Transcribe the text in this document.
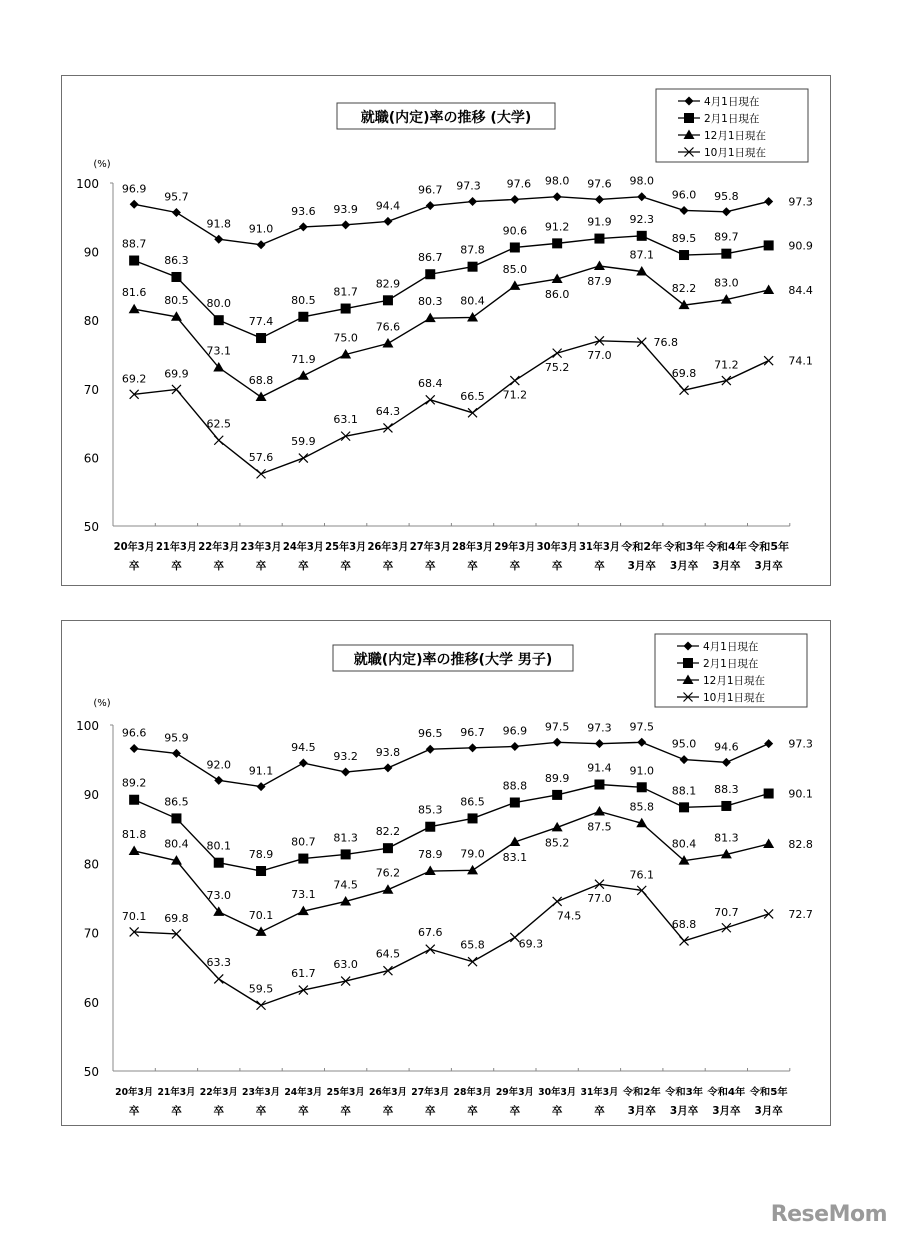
就職(内定)率の推移 (大学)
4月1日現在
2月1日現在
12月1日現在
10月1日現在
(%)
50
60
70
80
90
100
20年3月
卒
21年3月
卒
22年3月
卒
23年3月
卒
24年3月
卒
25年3月
卒
26年3月
卒
27年3月
卒
28年3月
卒
29年3月
卒
30年3月
卒
31年3月
卒
令和2年
3月卒
令和3年
3月卒
令和4年
3月卒
令和5年
3月卒
96.9
95.7
91.8 91.0
93.6 93.9 94.4
96.7 97.3 97.6 98.0 97.6 98.0
96.0 95.8	97.3
88.7
86.3
80.0
77.4
80.5
81.7
82.9
86.7
87.8
90.6 91.2 91.9 92.3
89.5 89.7
90.9
81.6
80.5
73.1
68.8
71.9
75.0
76.6
80.3 80.4
85.0
86.0
87.9
87.1
82.2 83.0
84.4
69.2 69.9
62.5
57.6
59.9
63.1
64.3
68.4
66.5 71.2
75.2
77.0
76.8
69.8
71.2	74.1
就職(内定)率の推移(大学 男子)
4月1日現在
2月1日現在
12月1日現在
10月1日現在
(%)
50
60
70
80
90
100
20年3月
卒
21年3月
卒
22年3月
卒
23年3月
卒
24年3月
卒
25年3月
卒
26年3月
卒
27年3月
卒
28年3月
卒
29年3月
卒
30年3月
卒
31年3月
卒
令和2年
3月卒
令和3年
3月卒
令和4年
3月卒
令和5年
3月卒
96.6 95.9
92.0 91.1
94.5
93.2 93.8
96.5 96.7 96.9 97.5 97.3 97.5
95.0 94.6	97.3
89.2
86.5
80.1
78.9
80.7 81.3 82.2
85.3
86.5
88.8
89.9
91.4 91.0
88.1 88.3	90.1
81.8
80.4
73.0
70.1
73.1
74.5
76.2
78.9 79.0 83.1
85.2
87.5
85.8
80.4 81.3
82.8
70.1 69.8
63.3
59.5
61.7
63.0
64.5
67.6
65.8	69.3
74.5
77.0
76.1
68.8
70.7	72.7
ReseMom
